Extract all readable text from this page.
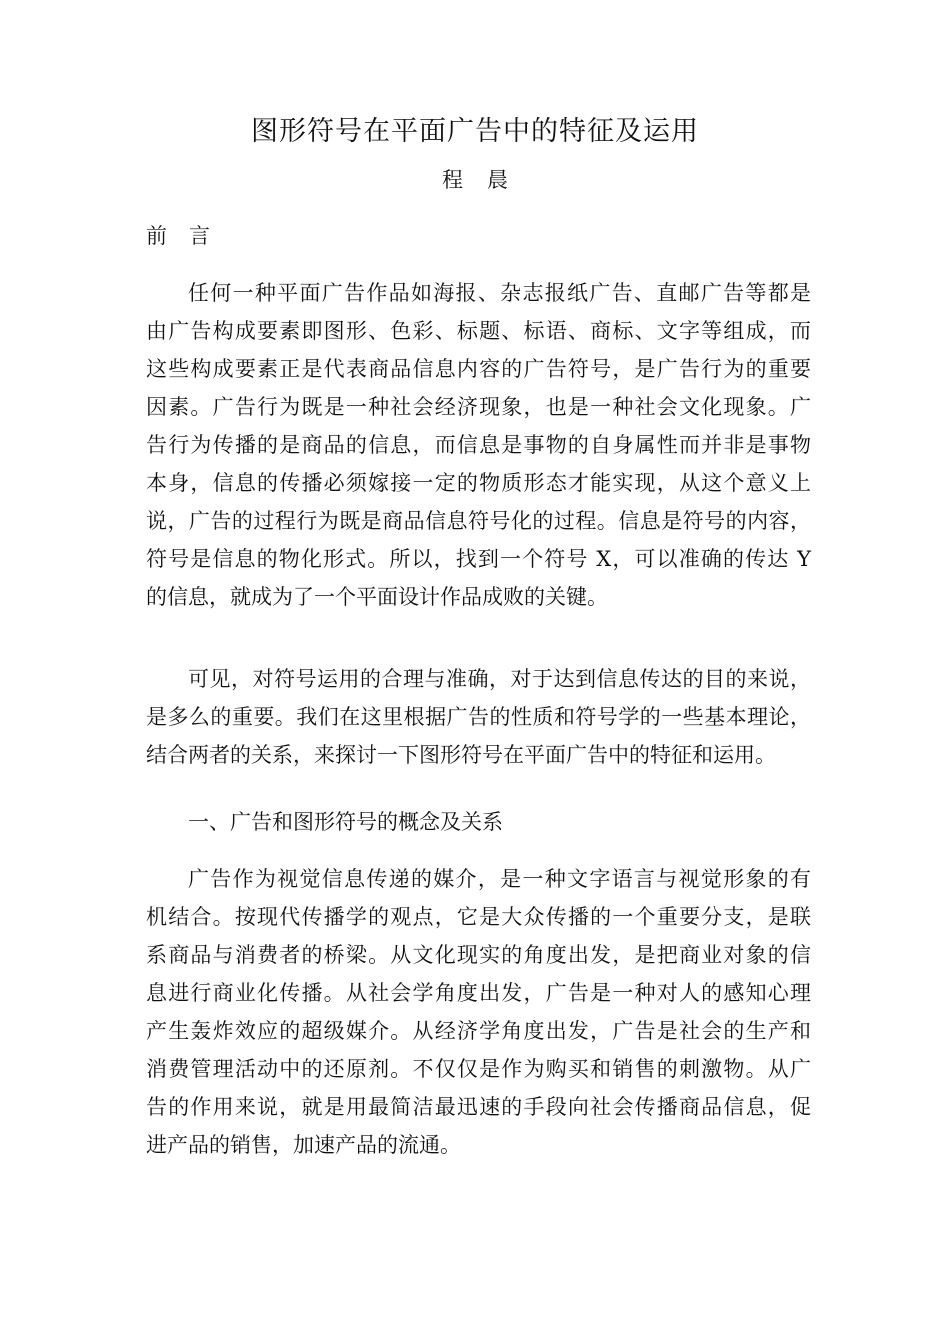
图形符号在平面广告中的特征及运用
程晨
前言

任何一种平面广告作品如海报、杂志报纸广告、直邮广告等都是
由广告构成要素即图形、色彩、标题、标语、商标、文字等组成，而
这些构成要素正是代表商品信息内容的广告符号，是广告行为的重要
因素。广告行为既是一种社会经济现象，也是一种社会文化现象。广
告行为传播的是商品的信息，而信息是事物的自身属性而并非是事物
本身，信息的传播必须嫁接一定的物质形态才能实现，从这个意义上
说，广告的过程行为既是商品信息符号化的过程。信息是符号的内容，
符号是信息的物化形式。所以，找到一个符号 X，可以准确的传达 Y
的信息，就成为了一个平面设计作品成败的关键。

可见，对符号运用的合理与准确，对于达到信息传达的目的来说，
是多么的重要。我们在这里根据广告的性质和符号学的一些基本理论，
结合两者的关系，来探讨一下图形符号在平面广告中的特征和运用。

一、广告和图形符号的概念及关系

广告作为视觉信息传递的媒介，是一种文字语言与视觉形象的有
机结合。按现代传播学的观点，它是大众传播的一个重要分支，是联
系商品与消费者的桥梁。从文化现实的角度出发，是把商业对象的信
息进行商业化传播。从社会学角度出发，广告是一种对人的感知心理
产生轰炸效应的超级媒介。从经济学角度出发，广告是社会的生产和
消费管理活动中的还原剂。不仅仅是作为购买和销售的刺激物。从广
告的作用来说，就是用最简洁最迅速的手段向社会传播商品信息，促
进产品的销售，加速产品的流通。
